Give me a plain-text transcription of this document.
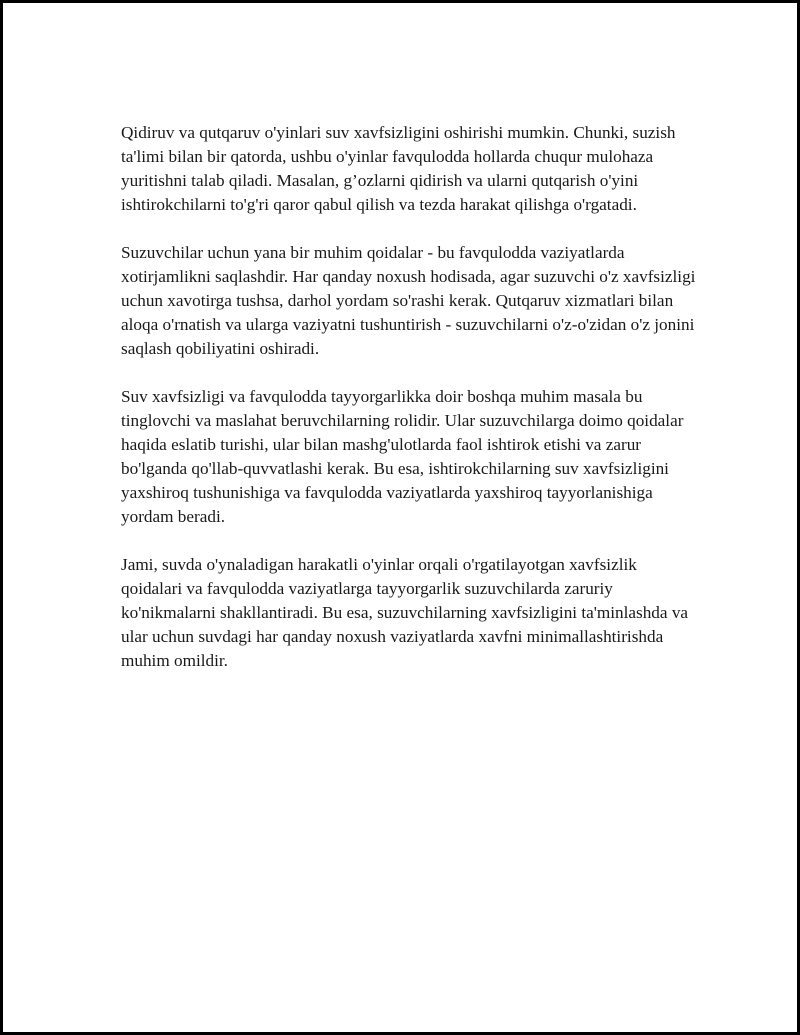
Qidiruv va qutqaruv o'yinlari suv xavfsizligini oshirishi mumkin. Chunki, suzish ta'limi bilan bir qatorda, ushbu o'yinlar favqulodda hollarda chuqur mulohaza yuritishni talab qiladi. Masalan, g’ozlarni qidirish va ularni qutqarish o'yini ishtirokchilarni to'g'ri qaror qabul qilish va tezda harakat qilishga o'rgatadi.

Suzuvchilar uchun yana bir muhim qoidalar - bu favqulodda vaziyatlarda xotirjamlikni saqlashdir. Har qanday noxush hodisada, agar suzuvchi o'z xavfsizligi uchun xavotirga tushsa, darhol yordam so'rashi kerak. Qutqaruv xizmatlari bilan aloqa o'rnatish va ularga vaziyatni tushuntirish - suzuvchilarni o'z-o'zidan o'z jonini saqlash qobiliyatini oshiradi.

Suv xavfsizligi va favqulodda tayyorgarlikka doir boshqa muhim masala bu tinglovchi va maslahat beruvchilarning rolidir. Ular suzuvchilarga doimo qoidalar haqida eslatib turishi, ular bilan mashg'ulotlarda faol ishtirok etishi va zarur bo'lganda qo'llab-quvvatlashi kerak. Bu esa, ishtirokchilarning suv xavfsizligini yaxshiroq tushunishiga va favqulodda vaziyatlarda yaxshiroq tayyorlanishiga yordam beradi.

Jami, suvda o'ynaladigan harakatli o'yinlar orqali o'rgatilayotgan xavfsizlik qoidalari va favqulodda vaziyatlarga tayyorgarlik suzuvchilarda zaruriy ko'nikmalarni shakllantiradi. Bu esa, suzuvchilarning xavfsizligini ta'minlashda va ular uchun suvdagi har qanday noxush vaziyatlarda xavfni minimallashtirishda muhim omildir.
